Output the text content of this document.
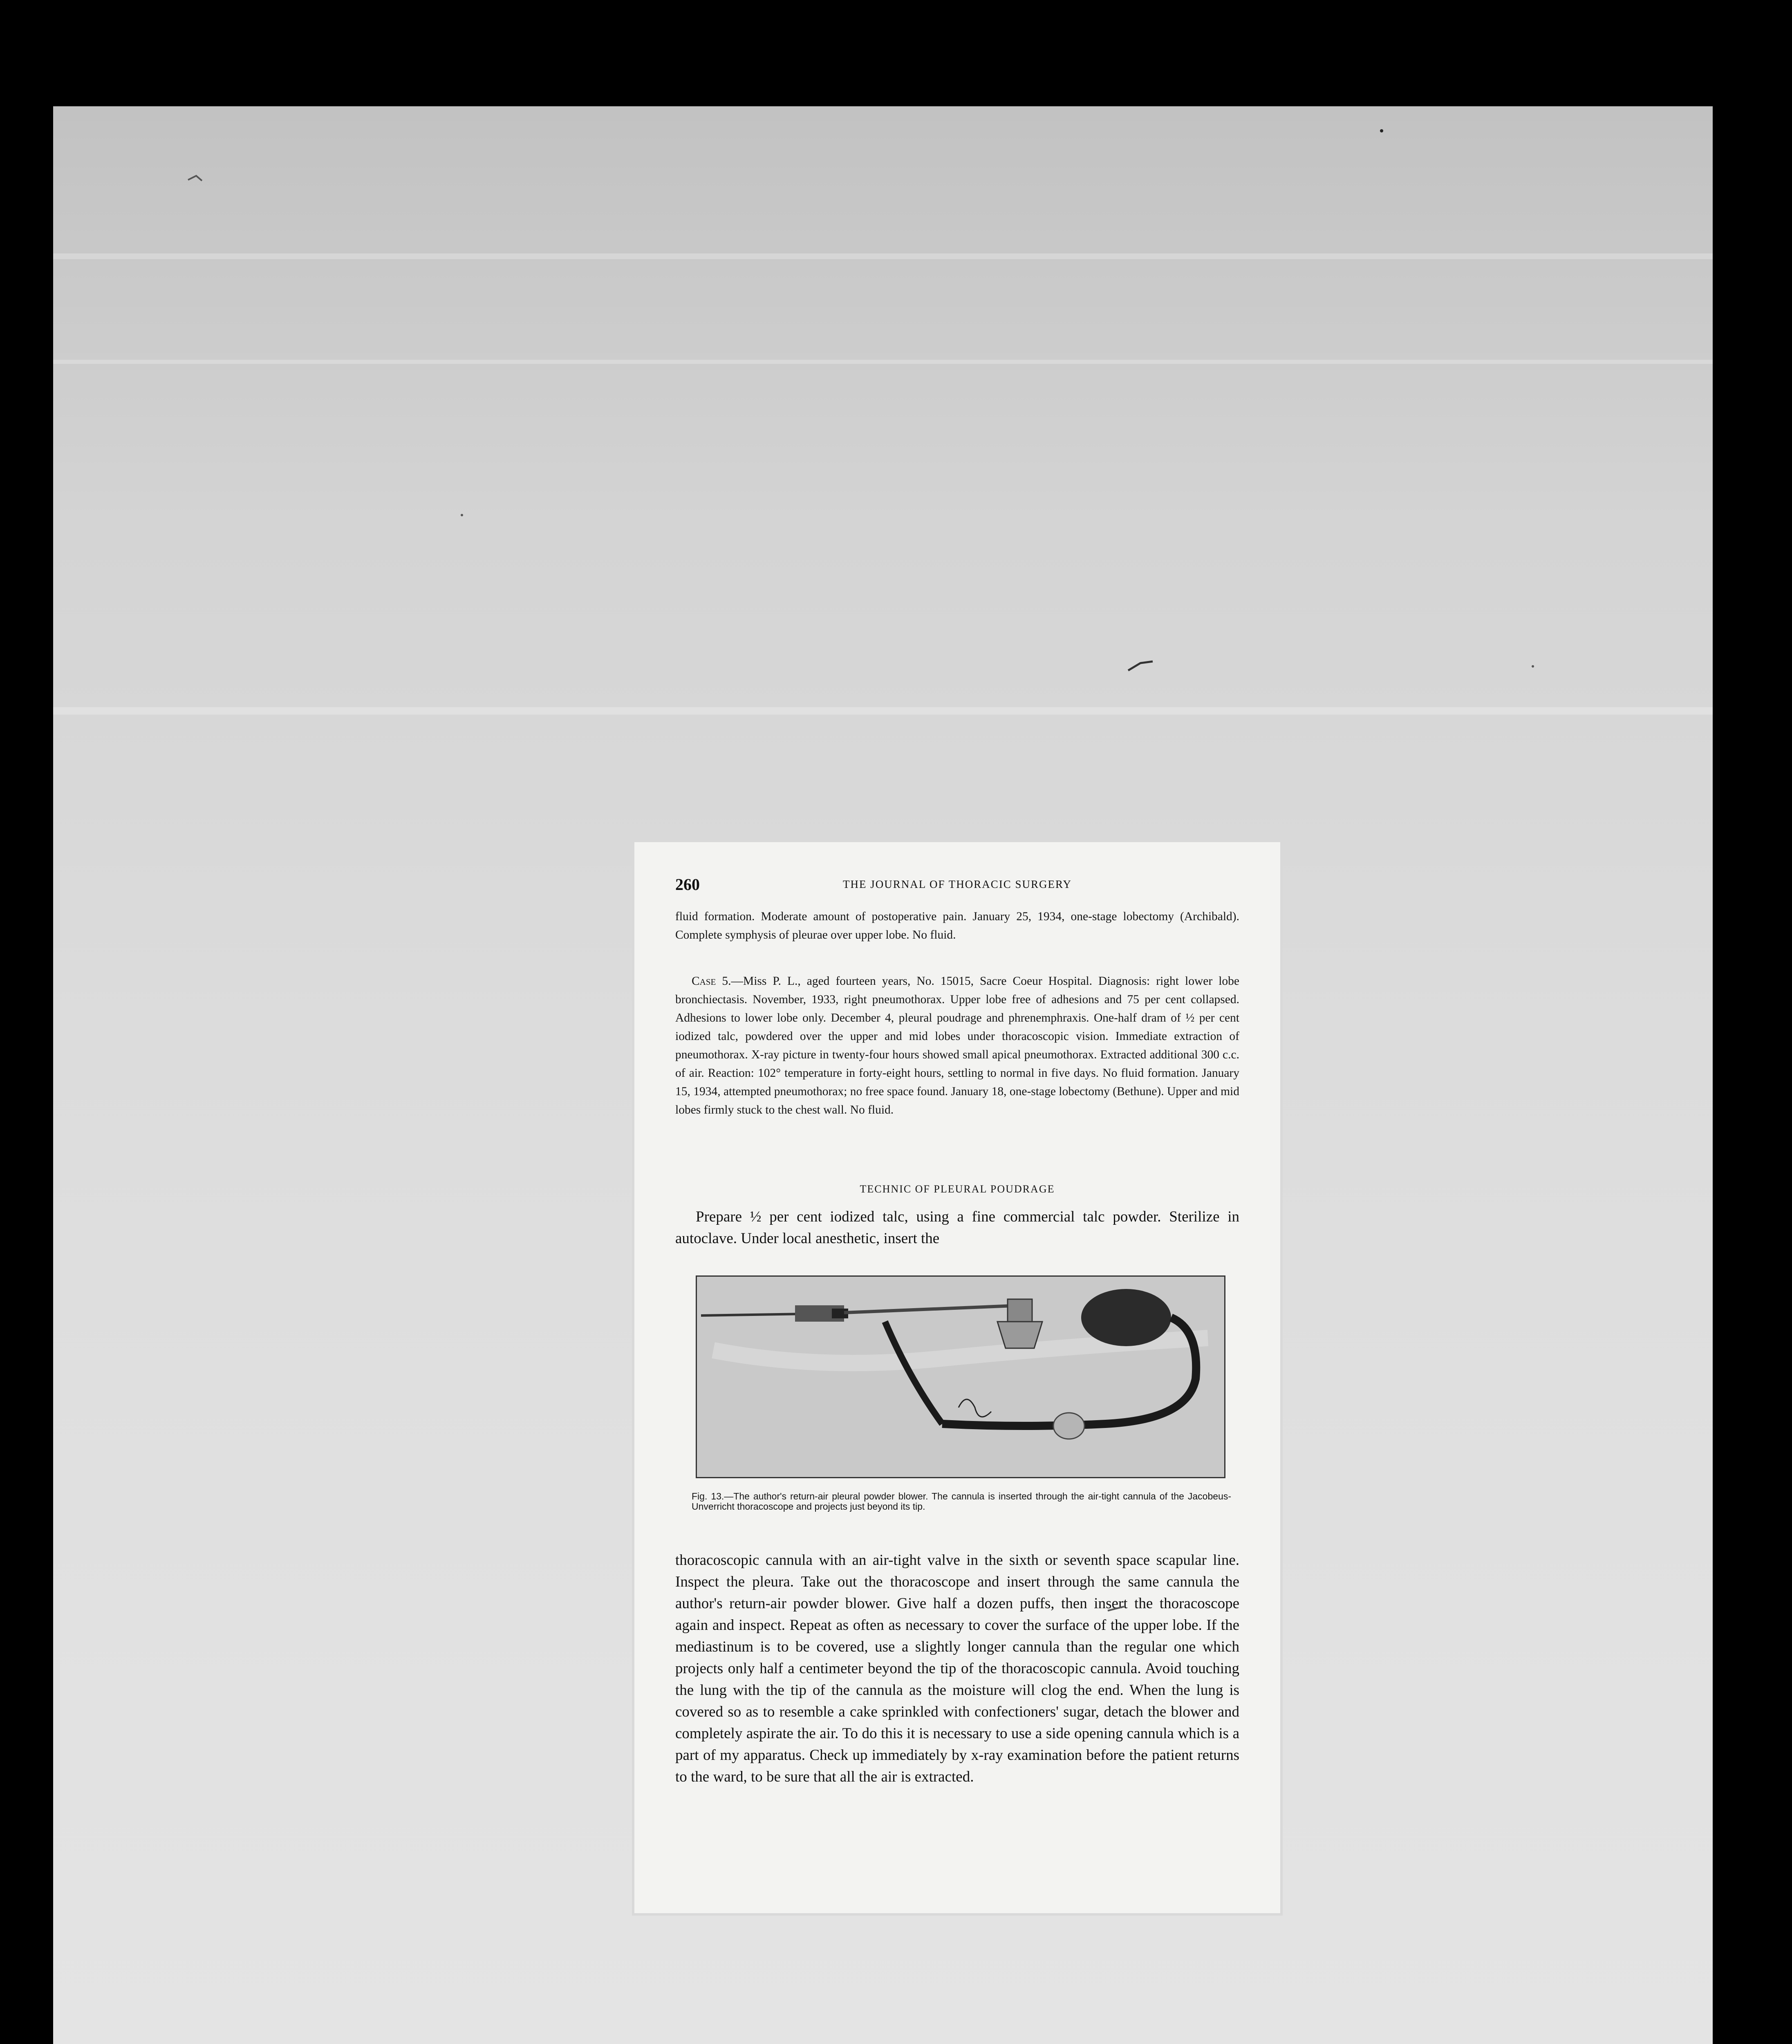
260	THE JOURNAL OF THORACIC SURGERY

fluid formation. Moderate amount of postoperative pain. January 25, 1934, one-stage lobectomy (Archibald). Complete symphysis of pleurae over upper lobe. No fluid.

Case 5.—Miss P. L., aged fourteen years, No. 15015, Sacre Coeur Hospital. Diagnosis: right lower lobe bronchiectasis. November, 1933, right pneumothorax. Upper lobe free of adhesions and 75 per cent collapsed. Adhesions to lower lobe only. December 4, pleural poudrage and phrenemphraxis. One-half dram of ½ per cent iodized talc, powdered over the upper and mid lobes under thoracoscopic vision. Immediate extraction of pneumothorax. X-ray picture in twenty-four hours showed small apical pneumothorax. Extracted additional 300 c.c. of air. Reaction: 102° temperature in forty-eight hours, settling to normal in five days. No fluid formation. January 15, 1934, attempted pneumothorax; no free space found. January 18, one-stage lobectomy (Bethune). Upper and mid lobes firmly stuck to the chest wall. No fluid.

TECHNIC OF PLEURAL POUDRAGE

Prepare ½ per cent iodized talc, using a fine commercial talc powder. Sterilize in autoclave. Under local anesthetic, insert the

Fig. 13.—The author's return-air pleural powder blower. The cannula is inserted through the air-tight cannula of the Jacobeus-Unverricht thoracoscope and projects just beyond its tip.

thoracoscopic cannula with an air-tight valve in the sixth or seventh space scapular line. Inspect the pleura. Take out the thoracoscope and insert through the same cannula the author's return-air powder blower. Give half a dozen puffs, then insert the thoracoscope again and inspect. Repeat as often as necessary to cover the surface of the upper lobe. If the mediastinum is to be covered, use a slightly longer cannula than the regular one which projects only half a centimeter beyond the tip of the thoracoscopic cannula. Avoid touching the lung with the tip of the cannula as the moisture will clog the end. When the lung is covered so as to resemble a cake sprinkled with confectioners' sugar, detach the blower and completely aspirate the air. To do this it is necessary to use a side opening cannula which is a part of my apparatus. Check up immediately by x-ray examination before the patient returns to the ward, to be sure that all the air is extracted.
